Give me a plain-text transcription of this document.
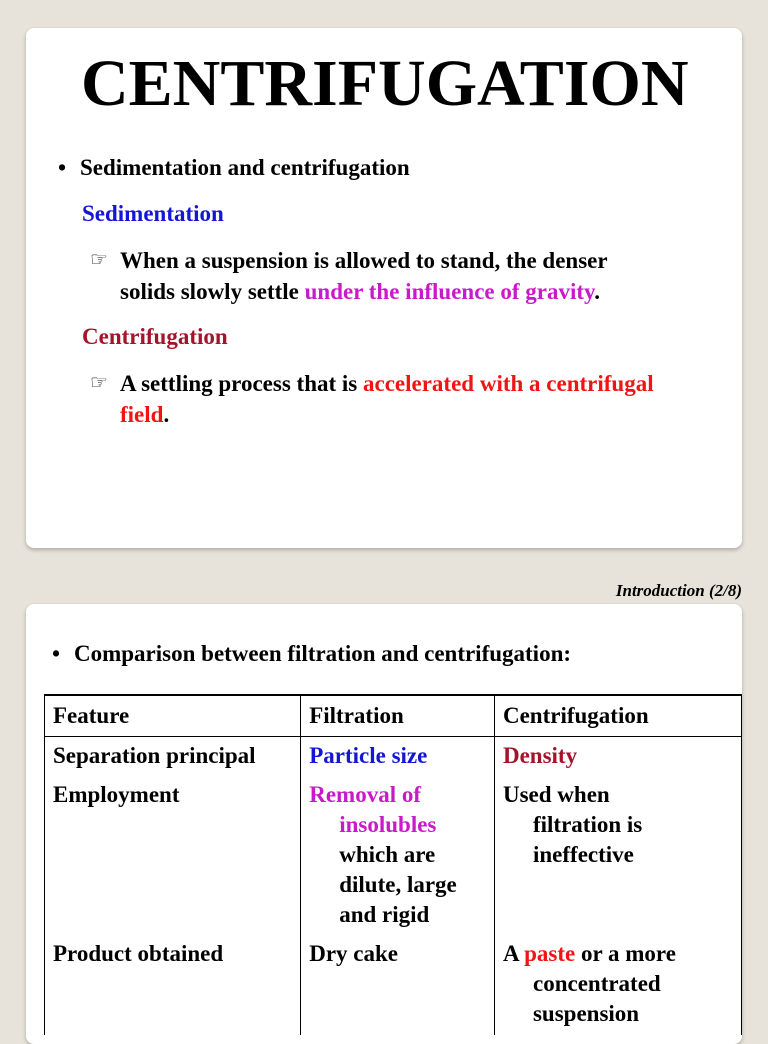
CENTRIFUGATION
• Sedimentation and centrifugation
Sedimentation
☞ When a suspension is allowed to stand, the denser
solids slowly settle under the influence of gravity.
Centrifugation
☞ A settling process that is accelerated with a centrifugal
field.
Introduction (2/8)
• Comparison between filtration and centrifugation:
Feature	Filtration	Centrifugation
Separation principal	Particle size	Density
Employment	Removal of insolubles which are dilute, large and rigid	Used when filtration is ineffective

Product obtained	Dry cake	A paste or a more concentrated suspension
